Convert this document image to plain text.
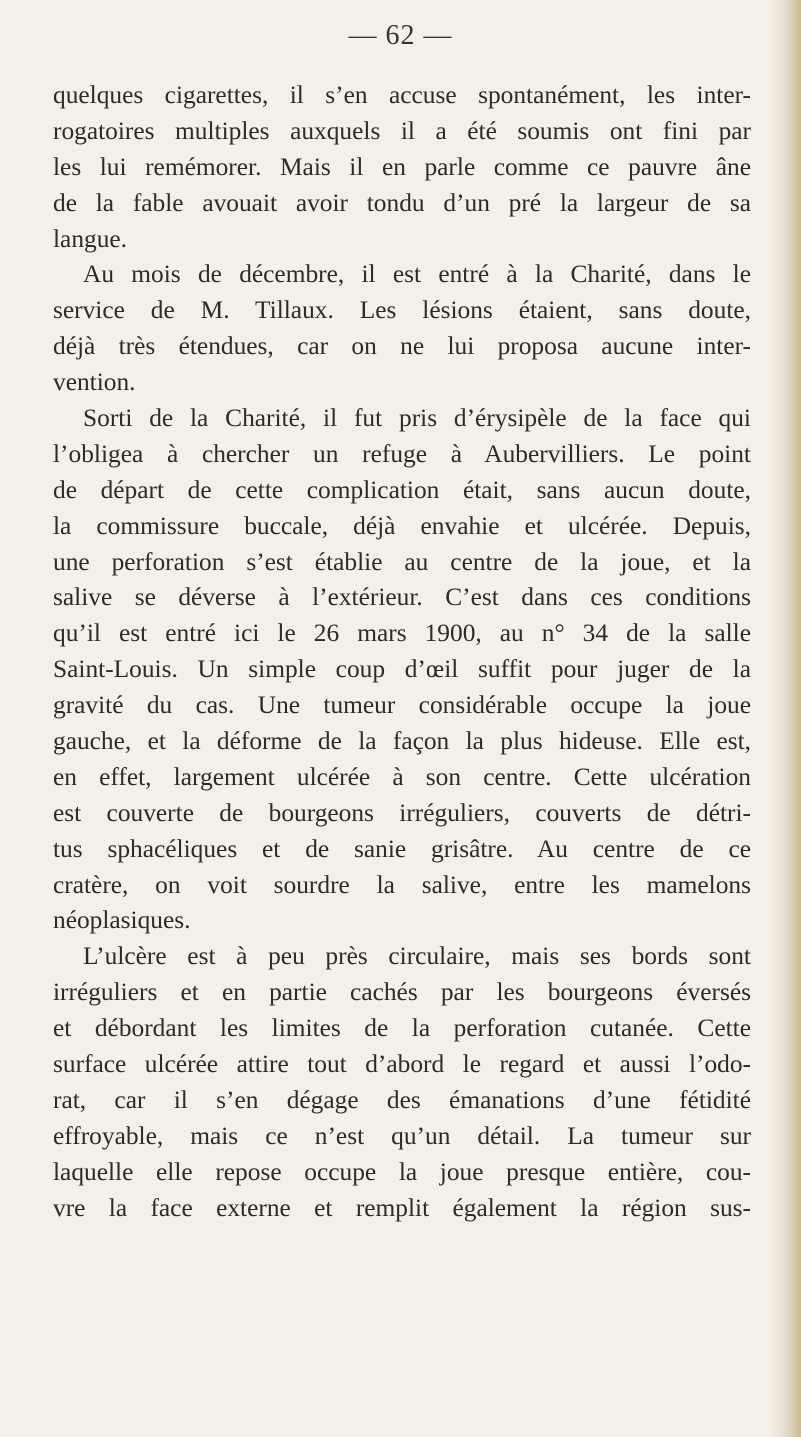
— 62 —
quelques cigarettes, il s’en accuse spontanément, les inter-
rogatoires multiples auxquels il a été soumis ont fini par
les lui remémorer. Mais il en parle comme ce pauvre âne
de la fable avouait avoir tondu d’un pré la largeur de sa
langue.
Au mois de décembre, il est entré à la Charité, dans le
service de M. Tillaux. Les lésions étaient, sans doute,
déjà très étendues, car on ne lui proposa aucune inter-
vention.
Sorti de la Charité, il fut pris d’érysipèle de la face qui
l’obligea à chercher un refuge à Aubervilliers. Le point
de départ de cette complication était, sans aucun doute,
la commissure buccale, déjà envahie et ulcérée. Depuis,
une perforation s’est établie au centre de la joue, et la
salive se déverse à l’extérieur. C’est dans ces conditions
qu’il est entré ici le 26 mars 1900, au n° 34 de la salle
Saint-Louis. Un simple coup d’œil suffit pour juger de la
gravité du cas. Une tumeur considérable occupe la joue
gauche, et la déforme de la façon la plus hideuse. Elle est,
en effet, largement ulcérée à son centre. Cette ulcération
est couverte de bourgeons irréguliers, couverts de détri-
tus sphacéliques et de sanie grisâtre. Au centre de ce
cratère, on voit sourdre la salive, entre les mamelons
néoplasiques.
L’ulcère est à peu près circulaire, mais ses bords sont
irréguliers et en partie cachés par les bourgeons éversés
et débordant les limites de la perforation cutanée. Cette
surface ulcérée attire tout d’abord le regard et aussi l’odo-
rat, car il s’en dégage des émanations d’une fétidité
effroyable, mais ce n’est qu’un détail. La tumeur sur
laquelle elle repose occupe la joue presque entière, cou-
vre la face externe et remplit également la région sus-
